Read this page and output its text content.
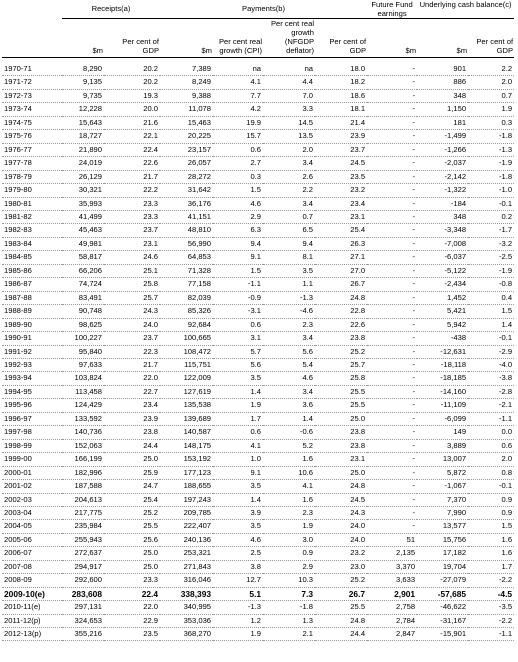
	Receipts(a)		Payments(b)				Future Fund earnings	Underlying cash balance(c)	
	$m	Per cent of GDP	$m	Per cent real growth (CPI)	Per cent real growth (NFGDP deflator)	Per cent of GDP	$m	$m	Per cent of GDP

1970-71	8,290	20.2	7,389	na	na	18.0	-	901	2.2
1971-72	9,135	20.2	8,249	4.1	4.4	18.2	-	886	2.0
1972-73	9,735	19.3	9,388	7.7	7.0	18.6	-	348	0.7
1973-74	12,228	20.0	11,078	4.2	3.3	18.1	-	1,150	1.9
1974-75	15,643	21.6	15,463	19.9	14.5	21.4	-	181	0.3
1975-76	18,727	22.1	20,225	15.7	13.5	23.9	-	-1,499	-1.8
1976-77	21,890	22.4	23,157	0.6	2.0	23.7	-	-1,266	-1.3
1977-78	24,019	22.6	26,057	2.7	3.4	24.5	-	-2,037	-1.9
1978-79	26,129	21.7	28,272	0.3	2.6	23.5	-	-2,142	-1.8
1979-80	30,321	22.2	31,642	1.5	2.2	23.2	-	-1,322	-1.0
1980-81	35,993	23.3	36,176	4.6	3.4	23.4	-	-184	-0.1
1981-82	41,499	23.3	41,151	2.9	0.7	23.1	-	348	0.2
1982-83	45,463	23.7	48,810	6.3	6.5	25.4	-	-3,348	-1.7
1983-84	49,981	23.1	56,990	9.4	9.4	26.3	-	-7,008	-3.2
1984-85	58,817	24.6	64,853	9.1	8.1	27.1	-	-6,037	-2.5
1985-86	66,206	25.1	71,328	1.5	3.5	27.0	-	-5,122	-1.9
1986-87	74,724	25.8	77,158	-1.1	1.1	26.7	-	-2,434	-0.8
1987-88	83,491	25.7	82,039	-0.9	-1.3	24.8	-	1,452	0.4
1988-89	90,748	24.3	85,326	-3.1	-4.6	22.8	-	5,421	1.5
1989-90	98,625	24.0	92,684	0.6	2.3	22.6	-	5,942	1.4
1990-91	100,227	23.7	100,665	3.1	3.4	23.8	-	-438	-0.1
1991-92	95,840	22.3	108,472	5.7	5.6	25.2	-	-12,631	-2.9
1992-93	97,633	21.7	115,751	5.6	5.4	25.7	-	-18,118	-4.0
1993-94	103,824	22.0	122,009	3.5	4.6	25.8	-	-18,185	-3.8
1994-95	113,458	22.7	127,619	1.4	3.4	25.5	-	-14,160	-2.8
1995-96	124,429	23.4	135,538	1.9	3.6	25.5	-	-11,109	-2.1
1996-97	133,592	23.9	139,689	1.7	1.4	25.0	-	-6,099	-1.1
1997-98	140,736	23.8	140,587	0.6	-0.6	23.8	-	149	0.0
1998-99	152,063	24.4	148,175	4.1	5.2	23.8	-	3,889	0.6
1999-00	166,199	25.0	153,192	1.0	1.6	23.1	-	13,007	2.0
2000-01	182,996	25.9	177,123	9.1	10.6	25.0	-	5,872	0.8
2001-02	187,588	24.7	188,655	3.5	4.1	24.8	-	-1,067	-0.1
2002-03	204,613	25.4	197,243	1.4	1.6	24.5	-	7,370	0.9
2003-04	217,775	25.2	209,785	3.9	2.3	24.3	-	7,990	0.9
2004-05	235,984	25.5	222,407	3.5	1.9	24.0	-	13,577	1.5
2005-06	255,943	25.6	240,136	4.6	3.0	24.0	51	15,756	1.6
2006-07	272,637	25.0	253,321	2.5	0.9	23.2	2,135	17,182	1.6
2007-08	294,917	25.0	271,843	3.8	2.9	23.0	3,370	19,704	1.7
2008-09	292,600	23.3	316,046	12.7	10.3	25.2	3,633	-27,079	-2.2
2009-10(e)	283,608	22.4	338,393	5.1	7.3	26.7	2,901	-57,685	-4.5
2010-11(e)	297,131	22.0	340,995	-1.3	-1.8	25.5	2,758	-46,622	-3.5
2011-12(p)	324,653	22.9	353,036	1.2	1.3	24.8	2,784	-31,167	-2.2
2012-13(p)	355,216	23.5	368,270	1.9	2.1	24.4	2,847	-15,901	-1.1
